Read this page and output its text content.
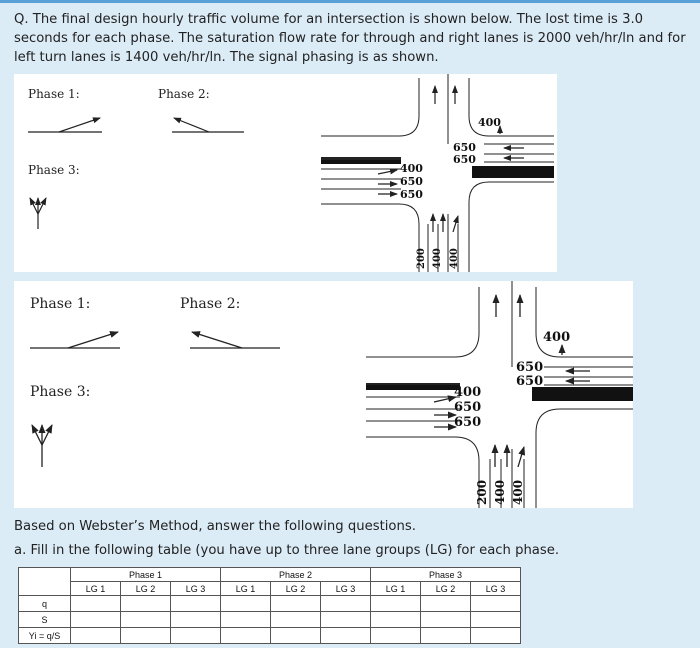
Q. The final design hourly traffic volume for an intersection is shown below. The lost time is 3.0 seconds for each phase. The saturation flow rate for through and right lanes is 2000 veh/hr/ln and for left turn lanes is 1400 veh/hr/ln. The signal phasing is as shown.
Phase 1:	Phase 2:
Phase 3:
400
650
650
400
650
650
200 400 400
Phase 1:	Phase 2:
Phase 3:
400
650
650
400
650
650
200 400 400
Based on Webster’s Method, answer the following questions.
a. Fill in the following table (you have up to three lane groups (LG) for each phase.
	Phase 1			Phase 2			Phase 3		
	LG 1	LG 2	LG 3	LG 1	LG 2	LG 3	LG 1	LG 2	LG 3
q									
S									
Yi = q/S									
